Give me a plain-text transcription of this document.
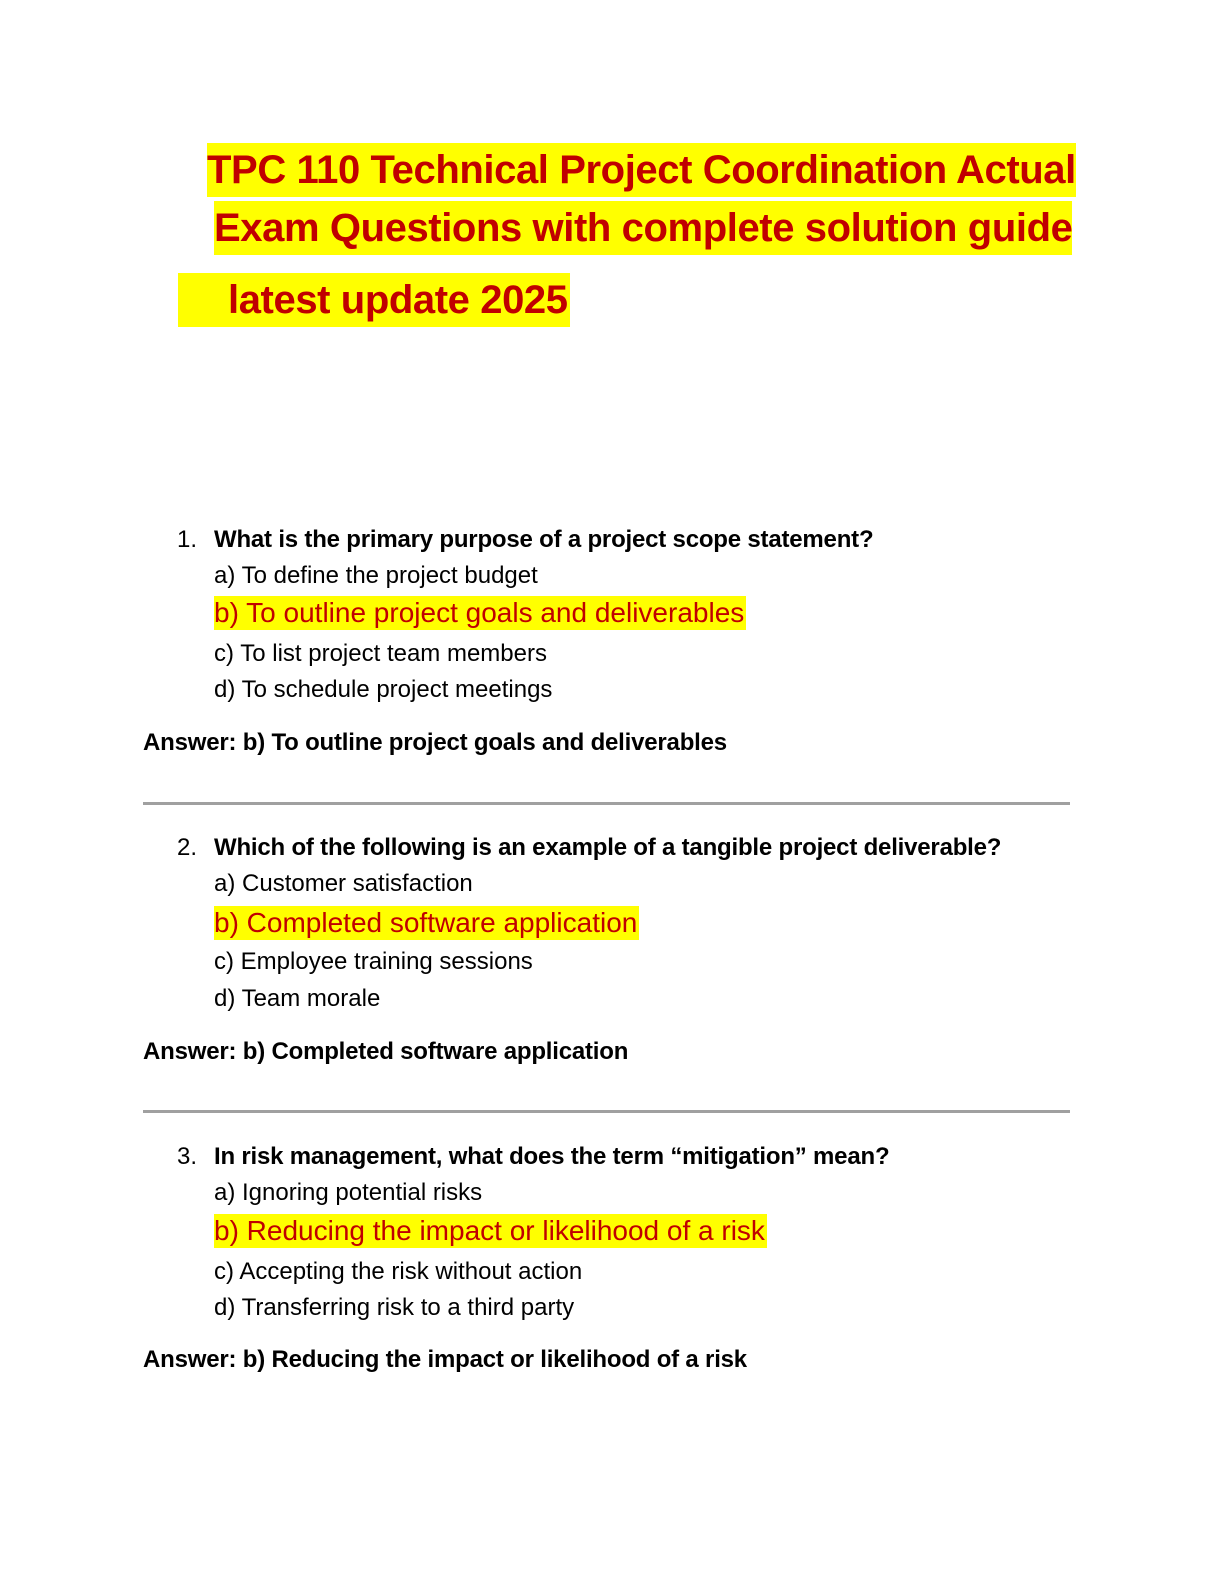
TPC 110 Technical Project Coordination Actual
Exam Questions with complete solution guide
latest update 2025
1. What is the primary purpose of a project scope statement?
a) To define the project budget
b) To outline project goals and deliverables
c) To list project team members
d) To schedule project meetings
Answer: b) To outline project goals and deliverables
2. Which of the following is an example of a tangible project deliverable?
a) Customer satisfaction
b) Completed software application
c) Employee training sessions
d) Team morale
Answer: b) Completed software application
3. In risk management, what does the term “mitigation” mean?
a) Ignoring potential risks
b) Reducing the impact or likelihood of a risk
c) Accepting the risk without action
d) Transferring risk to a third party
Answer: b) Reducing the impact or likelihood of a risk
